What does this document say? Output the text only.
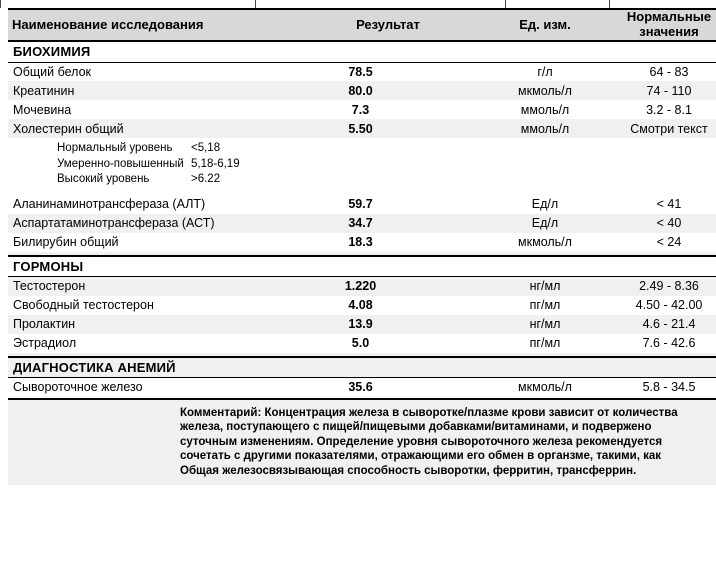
Наименование исследования	Результат	Ед. изм.	Нормальные значения
БИОХИМИЯ			
Общий белок	78.5	г/л	64 - 83
Креатинин	80.0	мкмоль/л	74 - 110
Мочевина	7.3	ммоль/л	3.2 - 8.1
Холестерин общий	5.50	ммоль/л	Смотри текст

Нормальный уровень <5,18
Умеренно-повышенный 5,18-6,19
Высокий уровень >6.22			

Аланинаминотрансфераза (АЛТ)	59.7	Ед/л	< 41
Аспартатаминотрансфераза (АСТ)	34.7	Ед/л	< 40
Билирубин общий	18.3	мкмоль/л	< 24

ГОРМОНЫ			
Тестостерон	1.220	нг/мл	2.49 - 8.36
Свободный тестостерон	4.08	пг/мл	4.50 - 42.00
Пролактин	13.9	нг/мл	4.6 - 21.4
Эстрадиол	5.0	пг/мл	7.6 - 42.6

ДИАГНОСТИКА АНЕМИЙ			
Сывороточное железо	35.6	мкмоль/л	5.8 - 34.5

Комментарий: Концентрация железа в сыворотке/плазме крови зависит от количества железа, поступающего с пищей/пищевыми добавками/витаминами, и подвержено суточным изменениям. Определение уровня сывороточного железа рекомендуется сочетать с другими показателями, отражающими его обмен в органзме, такими, как Общая железосвязывающая способность сыворотки, ферритин, трансферрин.			
